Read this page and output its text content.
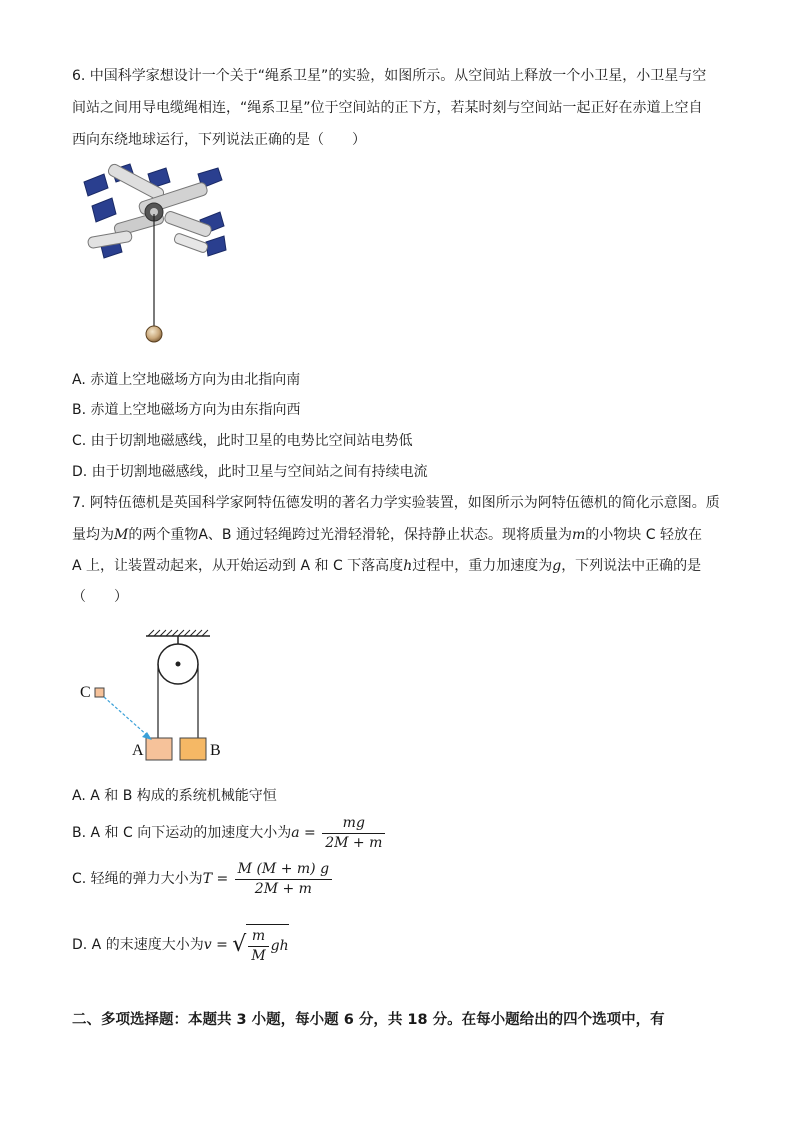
6. 中国科学家想设计一个关于“绳系卫星”的实验，如图所示。从空间站上释放一个小卫星，小卫星与空
间站之间用导电缆绳相连，“绳系卫星”位于空间站的正下方，若某时刻与空间站一起正好在赤道上空自
西向东绕地球运行，下列说法正确的是（　　）
A. 赤道上空地磁场方向为由北指向南
B. 赤道上空地磁场方向为由东指向西
C. 由于切割地磁感线，此时卫星的电势比空间站电势低
D. 由于切割地磁感线，此时卫星与空间站之间有持续电流
7. 阿特伍德机是英国科学家阿特伍德发明的著名力学实验装置，如图所示为阿特伍德机的简化示意图。质
量均为M的两个重物A、B 通过轻绳跨过光滑轻滑轮，保持静止状态。现将质量为m的小物块 C 轻放在
A 上，让装置动起来，从开始运动到 A 和 C 下落高度h过程中，重力加速度为g，下列说法中正确的是
（　　）
C
A	B
A. A 和 B 构成的系统机械能守恒
B. A 和 C 向下运动的加速度大小为$a = \frac{mg}{2M + m}$
C. 轻绳的弹力大小为$T = \frac{M (M + m) g}{2M + m}$
D. A 的末速度大小为v = √ $\frac{m}{M}$ gh
二、多项选择题：本题共 3 小题，每小题 6 分，共 18 分。在每小题给出的四个选项中，有
